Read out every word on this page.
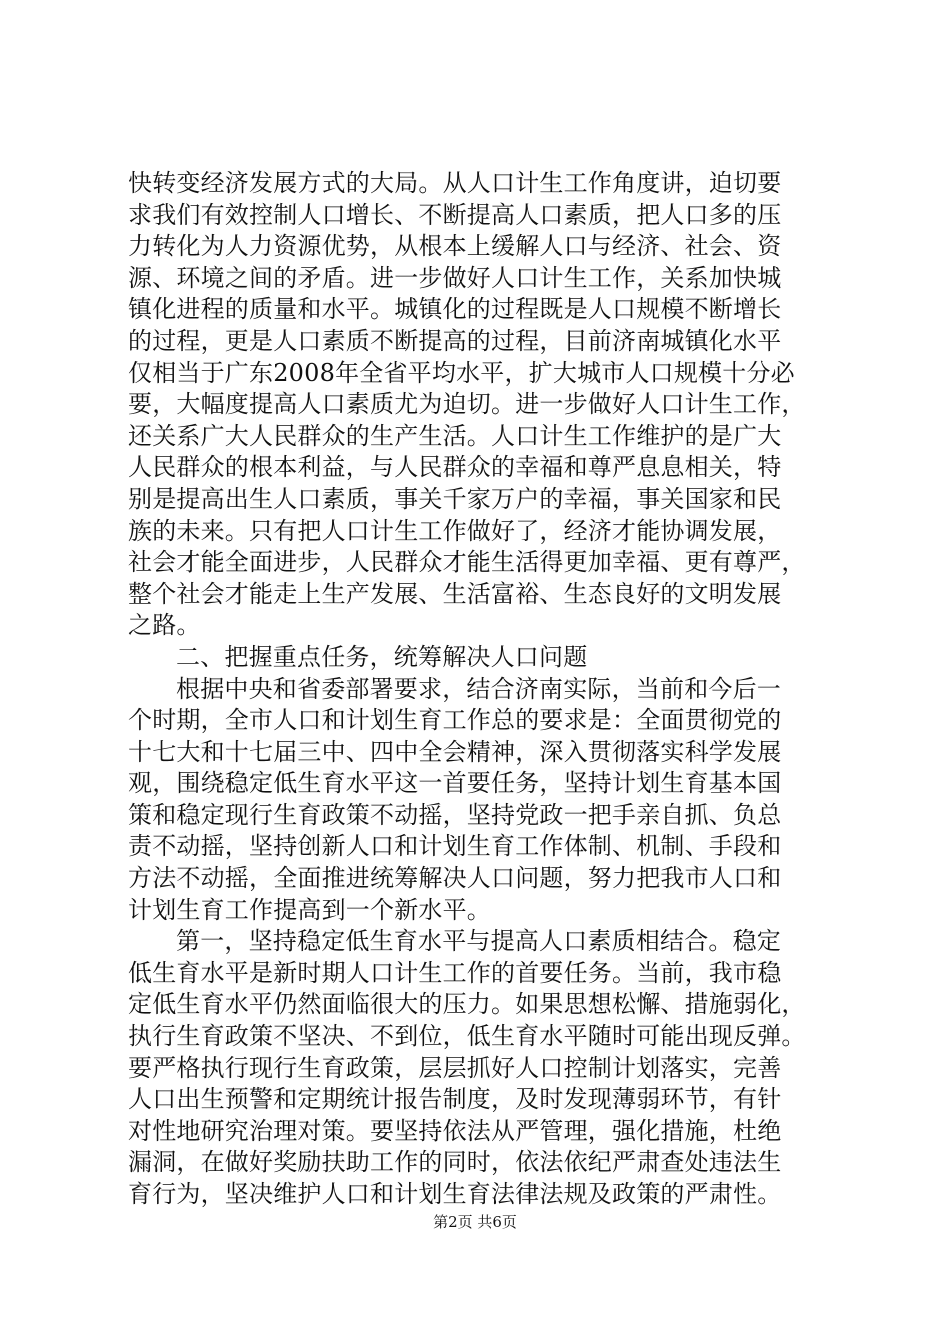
快转变经济发展方式的大局。从人口计生工作角度讲，迫切要
求我们有效控制人口增长、不断提高人口素质，把人口多的压
力转化为人力资源优势，从根本上缓解人口与经济、社会、资
源、环境之间的矛盾。进一步做好人口计生工作，关系加快城
镇化进程的质量和水平。城镇化的过程既是人口规模不断增长
的过程，更是人口素质不断提高的过程，目前济南城镇化水平
仅相当于广东2008年全省平均水平，扩大城市人口规模十分必
要，大幅度提高人口素质尤为迫切。进一步做好人口计生工作，
还关系广大人民群众的生产生活。人口计生工作维护的是广大
人民群众的根本利益，与人民群众的幸福和尊严息息相关，特
别是提高出生人口素质，事关千家万户的幸福，事关国家和民
族的未来。只有把人口计生工作做好了，经济才能协调发展，
社会才能全面进步，人民群众才能生活得更加幸福、更有尊严，
整个社会才能走上生产发展、生活富裕、生态良好的文明发展
之路。
二、把握重点任务，统筹解决人口问题
根据中央和省委部署要求，结合济南实际，当前和今后一
个时期，全市人口和计划生育工作总的要求是：全面贯彻党的
十七大和十七届三中、四中全会精神，深入贯彻落实科学发展
观，围绕稳定低生育水平这一首要任务，坚持计划生育基本国
策和稳定现行生育政策不动摇，坚持党政一把手亲自抓、负总
责不动摇，坚持创新人口和计划生育工作体制、机制、手段和
方法不动摇，全面推进统筹解决人口问题，努力把我市人口和
计划生育工作提高到一个新水平。
第一，坚持稳定低生育水平与提高人口素质相结合。稳定
低生育水平是新时期人口计生工作的首要任务。当前，我市稳
定低生育水平仍然面临很大的压力。如果思想松懈、措施弱化，
执行生育政策不坚决、不到位，低生育水平随时可能出现反弹。
要严格执行现行生育政策，层层抓好人口控制计划落实，完善
人口出生预警和定期统计报告制度，及时发现薄弱环节，有针
对性地研究治理对策。要坚持依法从严管理，强化措施，杜绝
漏洞，在做好奖励扶助工作的同时，依法依纪严肃查处违法生
育行为，坚决维护人口和计划生育法律法规及政策的严肃性。
第2页 共6页
